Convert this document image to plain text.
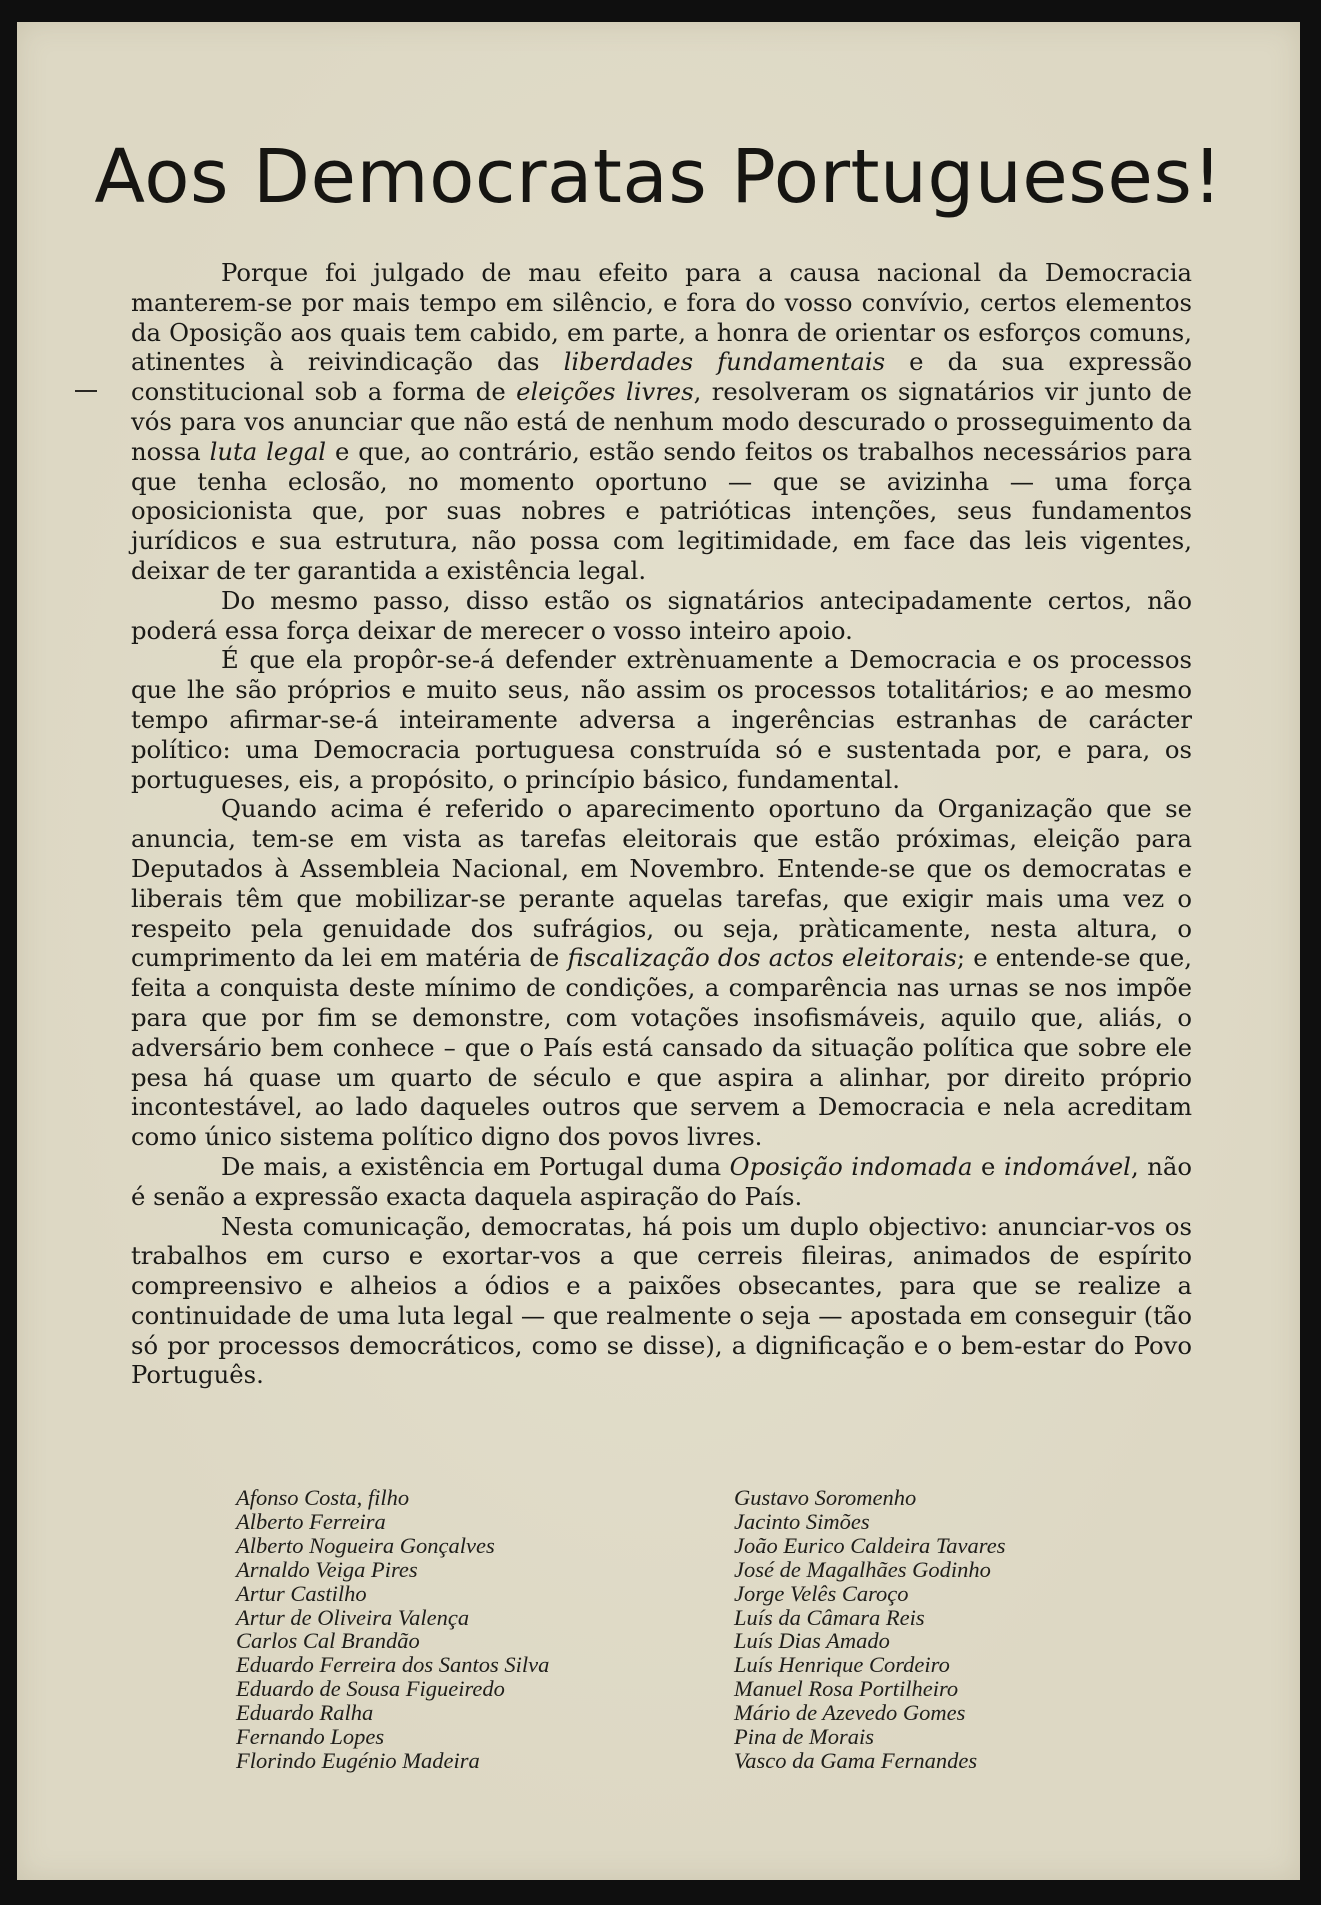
Aos Democratas Portugueses!

Porque foi julgado de mau efeito para a causa nacional da Democracia manterem-se por mais tempo em silêncio, e fora do vosso convívio, certos elementos da Oposição aos quais tem cabido, em parte, a honra de orientar os esforços comuns, atinentes à reivindicação das liberdades fundamentais e da sua expressão constitucional sob a forma de eleições livres, resolveram os signatários vir junto de vós para vos anunciar que não está de nenhum modo descurado o prosseguimento da nossa luta legal e que, ao contrário, estão sendo feitos os trabalhos necessários para que tenha eclosão, no momento oportuno — que se avizinha — uma força oposicionista que, por suas nobres e patrióticas intenções, seus fundamentos jurídicos e sua estrutura, não possa com legitimidade, em face das leis vigentes, deixar de ter garantida a existência legal.

Do mesmo passo, disso estão os signatários antecipadamente certos, não poderá essa força deixar de merecer o vosso inteiro apoio.

É que ela propôr-se-á defender extrènuamente a Democracia e os processos que lhe são próprios e muito seus, não assim os processos totalitários; e ao mesmo tempo afirmar-se-á inteiramente adversa a ingerências estranhas de carácter político: uma Democracia portuguesa construída só e sustentada por, e para, os portugueses, eis, a propósito, o princípio básico, fundamental.

Quando acima é referido o aparecimento oportuno da Organização que se anuncia, tem-se em vista as tarefas eleitorais que estão próximas, eleição para Deputados à Assembleia Nacional, em Novembro. Entende-se que os democratas e liberais têm que mobilizar-se perante aquelas tarefas, que exigir mais uma vez o respeito pela genuidade dos sufrágios, ou seja, pràticamente, nesta altura, o cumprimento da lei em matéria de fiscalização dos actos eleitorais; e entende-se que, feita a conquista deste mínimo de condições, a comparência nas urnas se nos impõe para que por fim se demonstre, com votações insofismáveis, aquilo que, aliás, o adversário bem conhece – que o País está cansado da situação política que sobre ele pesa há quase um quarto de século e que aspira a alinhar, por direito próprio incontestável, ao lado daqueles outros que servem a Democracia e nela acreditam como único sistema político digno dos povos livres.

De mais, a existência em Portugal duma Oposição indomada e indomável, não é senão a expressão exacta daquela aspiração do País.

Nesta comunicação, democratas, há pois um duplo objectivo: anunciar-vos os trabalhos em curso e exortar-vos a que cerreis fileiras, animados de espírito compreensivo e alheios a ódios e a paixões obsecantes, para que se realize a continuidade de uma luta legal — que realmente o seja — apostada em conseguir (tão só por processos democráticos, como se disse), a dignificação e o bem-estar do Povo Português.

Afonso Costa, filho
Alberto Ferreira
Alberto Nogueira Gonçalves
Arnaldo Veiga Pires
Artur Castilho
Artur de Oliveira Valença
Carlos Cal Brandão
Eduardo Ferreira dos Santos Silva
Eduardo de Sousa Figueiredo
Eduardo Ralha
Fernando Lopes
Florindo Eugénio Madeira
Gustavo Soromenho
Jacinto Simões
João Eurico Caldeira Tavares
José de Magalhães Godinho
Jorge Velês Caroço
Luís da Câmara Reis
Luís Dias Amado
Luís Henrique Cordeiro
Manuel Rosa Portilheiro
Mário de Azevedo Gomes
Pina de Morais
Vasco da Gama Fernandes
